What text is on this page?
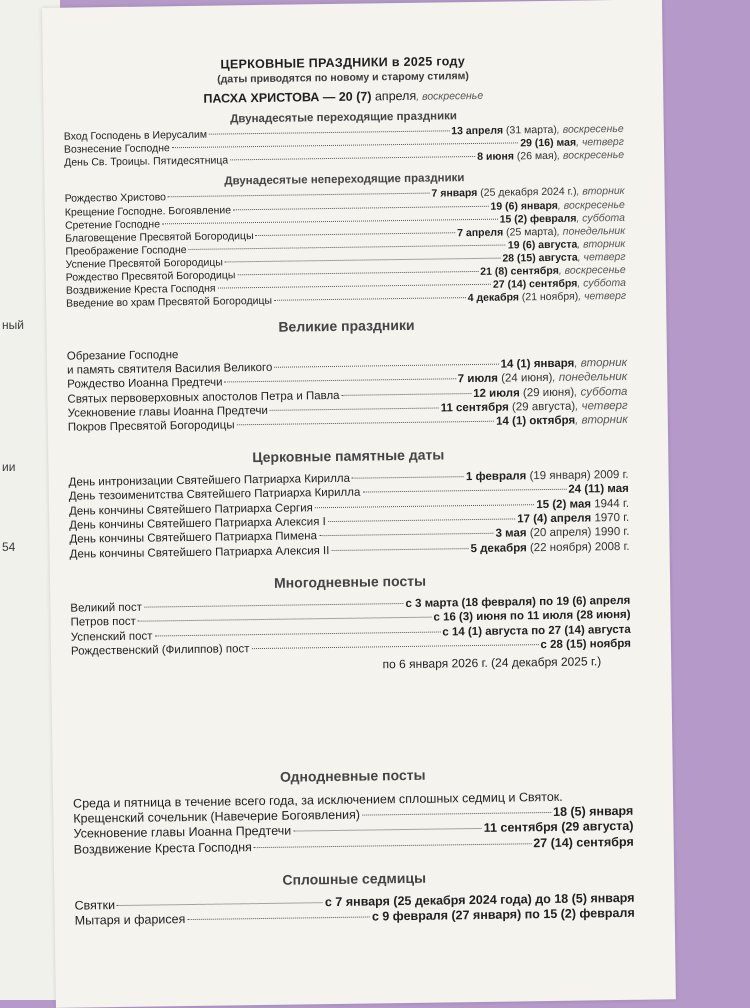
ный
ии
54
ЦЕРКОВНЫЕ ПРАЗДНИКИ в 2025 году
(даты приводятся по новому и старому стилям)
ПАСХА ХРИСТОВА — 20 (7) апреля, воскресенье
Двунадесятые переходящие праздники
Вход Господень в Иерусалим	13 апреля (31 марта), воскресенье
Вознесение Господне	29 (16) мая, четверг
День Св. Троицы. Пятидесятница	8 июня (26 мая), воскресенье
Двунадесятые непереходящие праздники
Рождество Христово	7 января (25 декабря 2024 г.), вторник
Крещение Господне. Богоявление	19 (6) января, воскресенье
Сретение Господне	15 (2) февраля, суббота
Благовещение Пресвятой Богородицы	7 апреля (25 марта), понедельник
Преображение Господне	19 (6) августа, вторник
Успение Пресвятой Богородицы	28 (15) августа, четверг
Рождество Пресвятой Богородицы	21 (8) сентября, воскресенье
Воздвижение Креста Господня	27 (14) сентября, суббота
Введение во храм Пресвятой Богородицы	4 декабря (21 ноября), четверг
Великие праздники
Обрезание Господне
и память святителя Василия Великого	14 (1) января, вторник
Рождество Иоанна Предтечи	7 июля (24 июня), понедельник
Святых первоверховных апостолов Петра и Павла	12 июля (29 июня), суббота
Усекновение главы Иоанна Предтечи	11 сентября (29 августа), четверг
Покров Пресвятой Богородицы	14 (1) октября, вторник
Церковные памятные даты
День интронизации Святейшего Патриарха Кирилла	1 февраля (19 января) 2009 г.
День тезоименитства Святейшего Патриарха Кирилла	24 (11) мая
День кончины Святейшего Патриарха Сергия	15 (2) мая 1944 г.
День кончины Святейшего Патриарха Алексия I	17 (4) апреля 1970 г.
День кончины Святейшего Патриарха Пимена	3 мая (20 апреля) 1990 г.
День кончины Святейшего Патриарха Алексия II	5 декабря (22 ноября) 2008 г.
Многодневные посты
Великий пост	с 3 марта (18 февраля) по 19 (6) апреля
Петров пост	с 16 (3) июня по 11 июля (28 июня)
Успенский пост	с 14 (1) августа по 27 (14) августа
Рождественский (Филиппов) пост	с 28 (15) ноября
по 6 января 2026 г. (24 декабря 2025 г.)
Однодневные посты
Среда и пятница в течение всего года, за исключением сплошных седмиц и Святок.
Крещенский сочельник (Навечерие Богоявления)	18 (5) января
Усекновение главы Иоанна Предтечи	11 сентября (29 августа)
Воздвижение Креста Господня	27 (14) сентября
Сплошные седмицы
Святки	с 7 января (25 декабря 2024 года) до 18 (5) января
Мытаря и фарисея	с 9 февраля (27 января) по 15 (2) февраля
